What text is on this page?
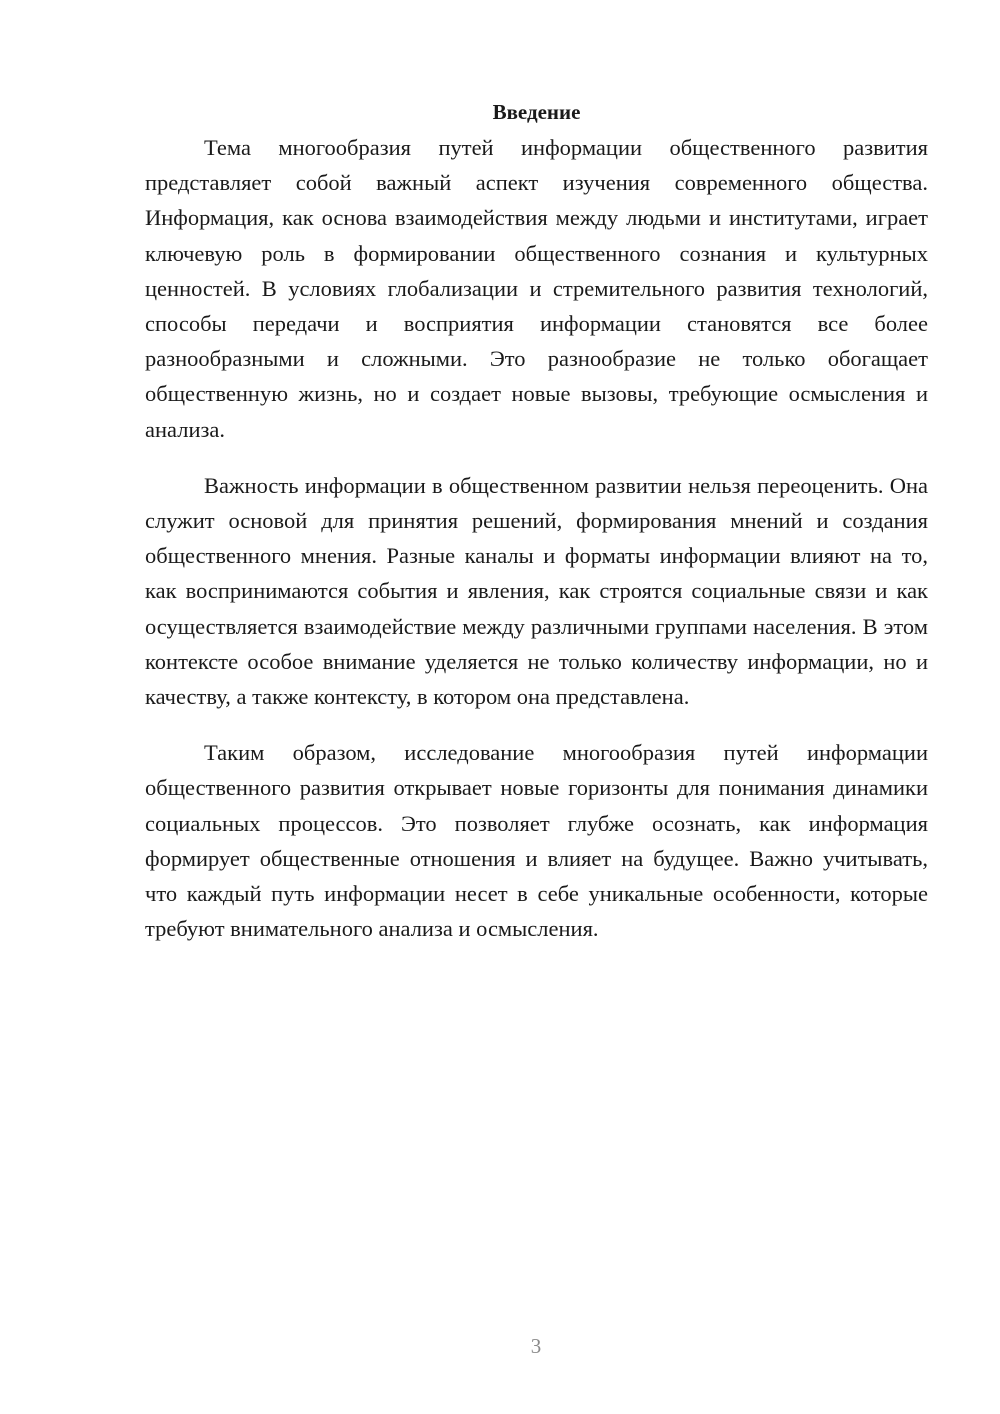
Введение

Тема многообразия путей информации общественного развития представляет собой важный аспект изучения современного общества. Информация, как основа взаимодействия между людьми и институтами, играет ключевую роль в формировании общественного сознания и культурных ценностей. В условиях глобализации и стремительного развития технологий, способы передачи и восприятия информации становятся все более разнообразными и сложными. Это разнообразие не только обогащает общественную жизнь, но и создает новые вызовы, требующие осмысления и анализа.

Важность информации в общественном развитии нельзя переоценить. Она служит основой для принятия решений, формирования мнений и создания общественного мнения. Разные каналы и форматы информации влияют на то, как воспринимаются события и явления, как строятся социальные связи и как осуществляется взаимодействие между различными группами населения. В этом контексте особое внимание уделяется не только количеству информации, но и качеству, а также контексту, в котором она представлена.

Таким образом, исследование многообразия путей информации общественного развития открывает новые горизонты для понимания динамики социальных процессов. Это позволяет глубже осознать, как информация формирует общественные отношения и влияет на будущее. Важно учитывать, что каждый путь информации несет в себе уникальные особенности, которые требуют внимательного анализа и осмысления.

3
